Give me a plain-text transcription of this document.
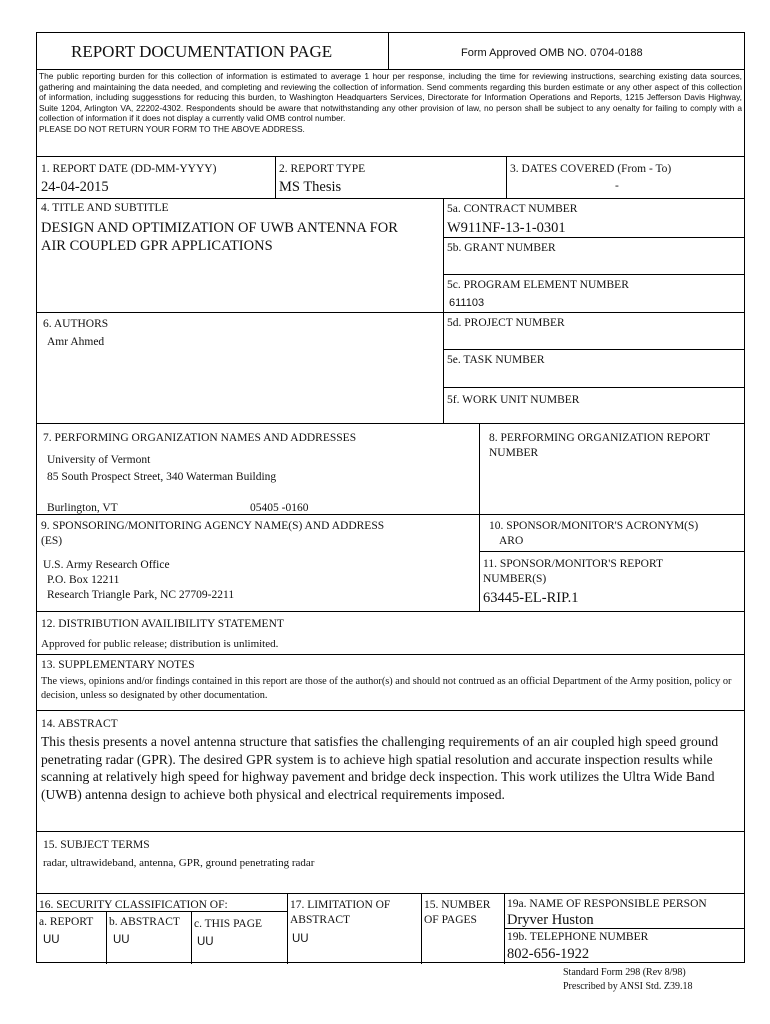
REPORT DOCUMENTATION PAGE	Form Approved OMB NO. 0704-0188
The public reporting burden for this collection of information is estimated to average 1 hour per response, including the time for reviewing instructions, searching existing data sources, gathering and maintaining the data needed, and completing and reviewing the collection of information. Send comments regarding this burden estimate or any other aspect of this collection of information, including suggesstions for reducing this burden, to Washington Headquarters Services, Directorate for Information Operations and Reports, 1215 Jefferson Davis Highway, Suite 1204, Arlington VA, 22202-4302. Respondents should be aware that notwithstanding any other provision of law, no person shall be subject to any oenalty for failing to comply with a collection of information if it does not display a currently valid OMB control number.
PLEASE DO NOT RETURN YOUR FORM TO THE ABOVE ADDRESS.
1. REPORT DATE (DD-MM-YYYY)
24-04-2015
2. REPORT TYPE
MS Thesis
3. DATES COVERED (From - To)
-
4. TITLE AND SUBTITLE
DESIGN AND OPTIMIZATION OF UWB ANTENNA FOR
AIR COUPLED GPR APPLICATIONS
5a. CONTRACT NUMBER
W911NF-13-1-0301
5b. GRANT NUMBER
5c. PROGRAM ELEMENT NUMBER
611103
6. AUTHORS
Amr Ahmed
5d. PROJECT NUMBER
5e. TASK NUMBER
5f. WORK UNIT NUMBER
7. PERFORMING ORGANIZATION NAMES AND ADDRESSES
University of Vermont
85 South Prospect Street, 340 Waterman Building
Burlington, VT	05405 -0160
8. PERFORMING ORGANIZATION REPORT
NUMBER
9. SPONSORING/MONITORING AGENCY NAME(S) AND ADDRESS
(ES)
U.S. Army Research Office
P.O. Box 12211
Research Triangle Park, NC 27709-2211
10. SPONSOR/MONITOR'S ACRONYM(S)
ARO
11. SPONSOR/MONITOR'S REPORT
NUMBER(S)
63445-EL-RIP.1
12. DISTRIBUTION AVAILIBILITY STATEMENT
Approved for public release; distribution is unlimited.
13. SUPPLEMENTARY NOTES
The views, opinions and/or findings contained in this report are those of the author(s) and should not contrued as an official Department of the Army position, policy or decision, unless so designated by other documentation.
14. ABSTRACT
This thesis presents a novel antenna structure that satisfies the challenging requirements of an air coupled high speed ground penetrating radar (GPR). The desired GPR system is to achieve high spatial resolution and accurate inspection results while scanning at relatively high speed for highway pavement and bridge deck inspection. This work utilizes the Ultra Wide Band (UWB) antenna design to achieve both physical and electrical requirements imposed.
15. SUBJECT TERMS
radar, ultrawideband, antenna, GPR, ground penetrating radar
16. SECURITY CLASSIFICATION OF:
a. REPORT
UU
b. ABSTRACT
UU
c. THIS PAGE
UU
17. LIMITATION OF
ABSTRACT
UU
15. NUMBER
OF PAGES
19a. NAME OF RESPONSIBLE PERSON
Dryver Huston
19b. TELEPHONE NUMBER
802-656-1922
Standard Form 298 (Rev 8/98)
Prescribed by ANSI Std. Z39.18
